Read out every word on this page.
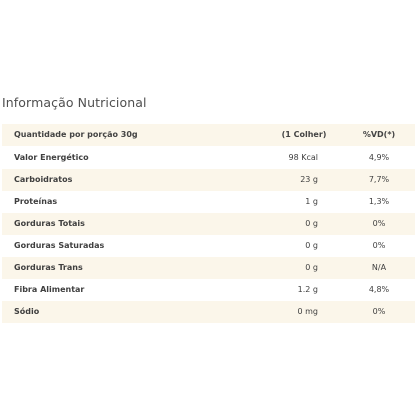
Informação Nutricional
Quantidade por porção 30g	(1 Colher)	%VD(*)
Valor Energético	98 Kcal	4,9%
Carboidratos	23 g	7,7%
Proteínas	1 g	1,3%
Gorduras Totais	0 g	0%
Gorduras Saturadas	0 g	0%
Gorduras Trans	0 g	N/A
Fibra Alimentar	1.2 g	4,8%
Sódio	0 mg	0%
